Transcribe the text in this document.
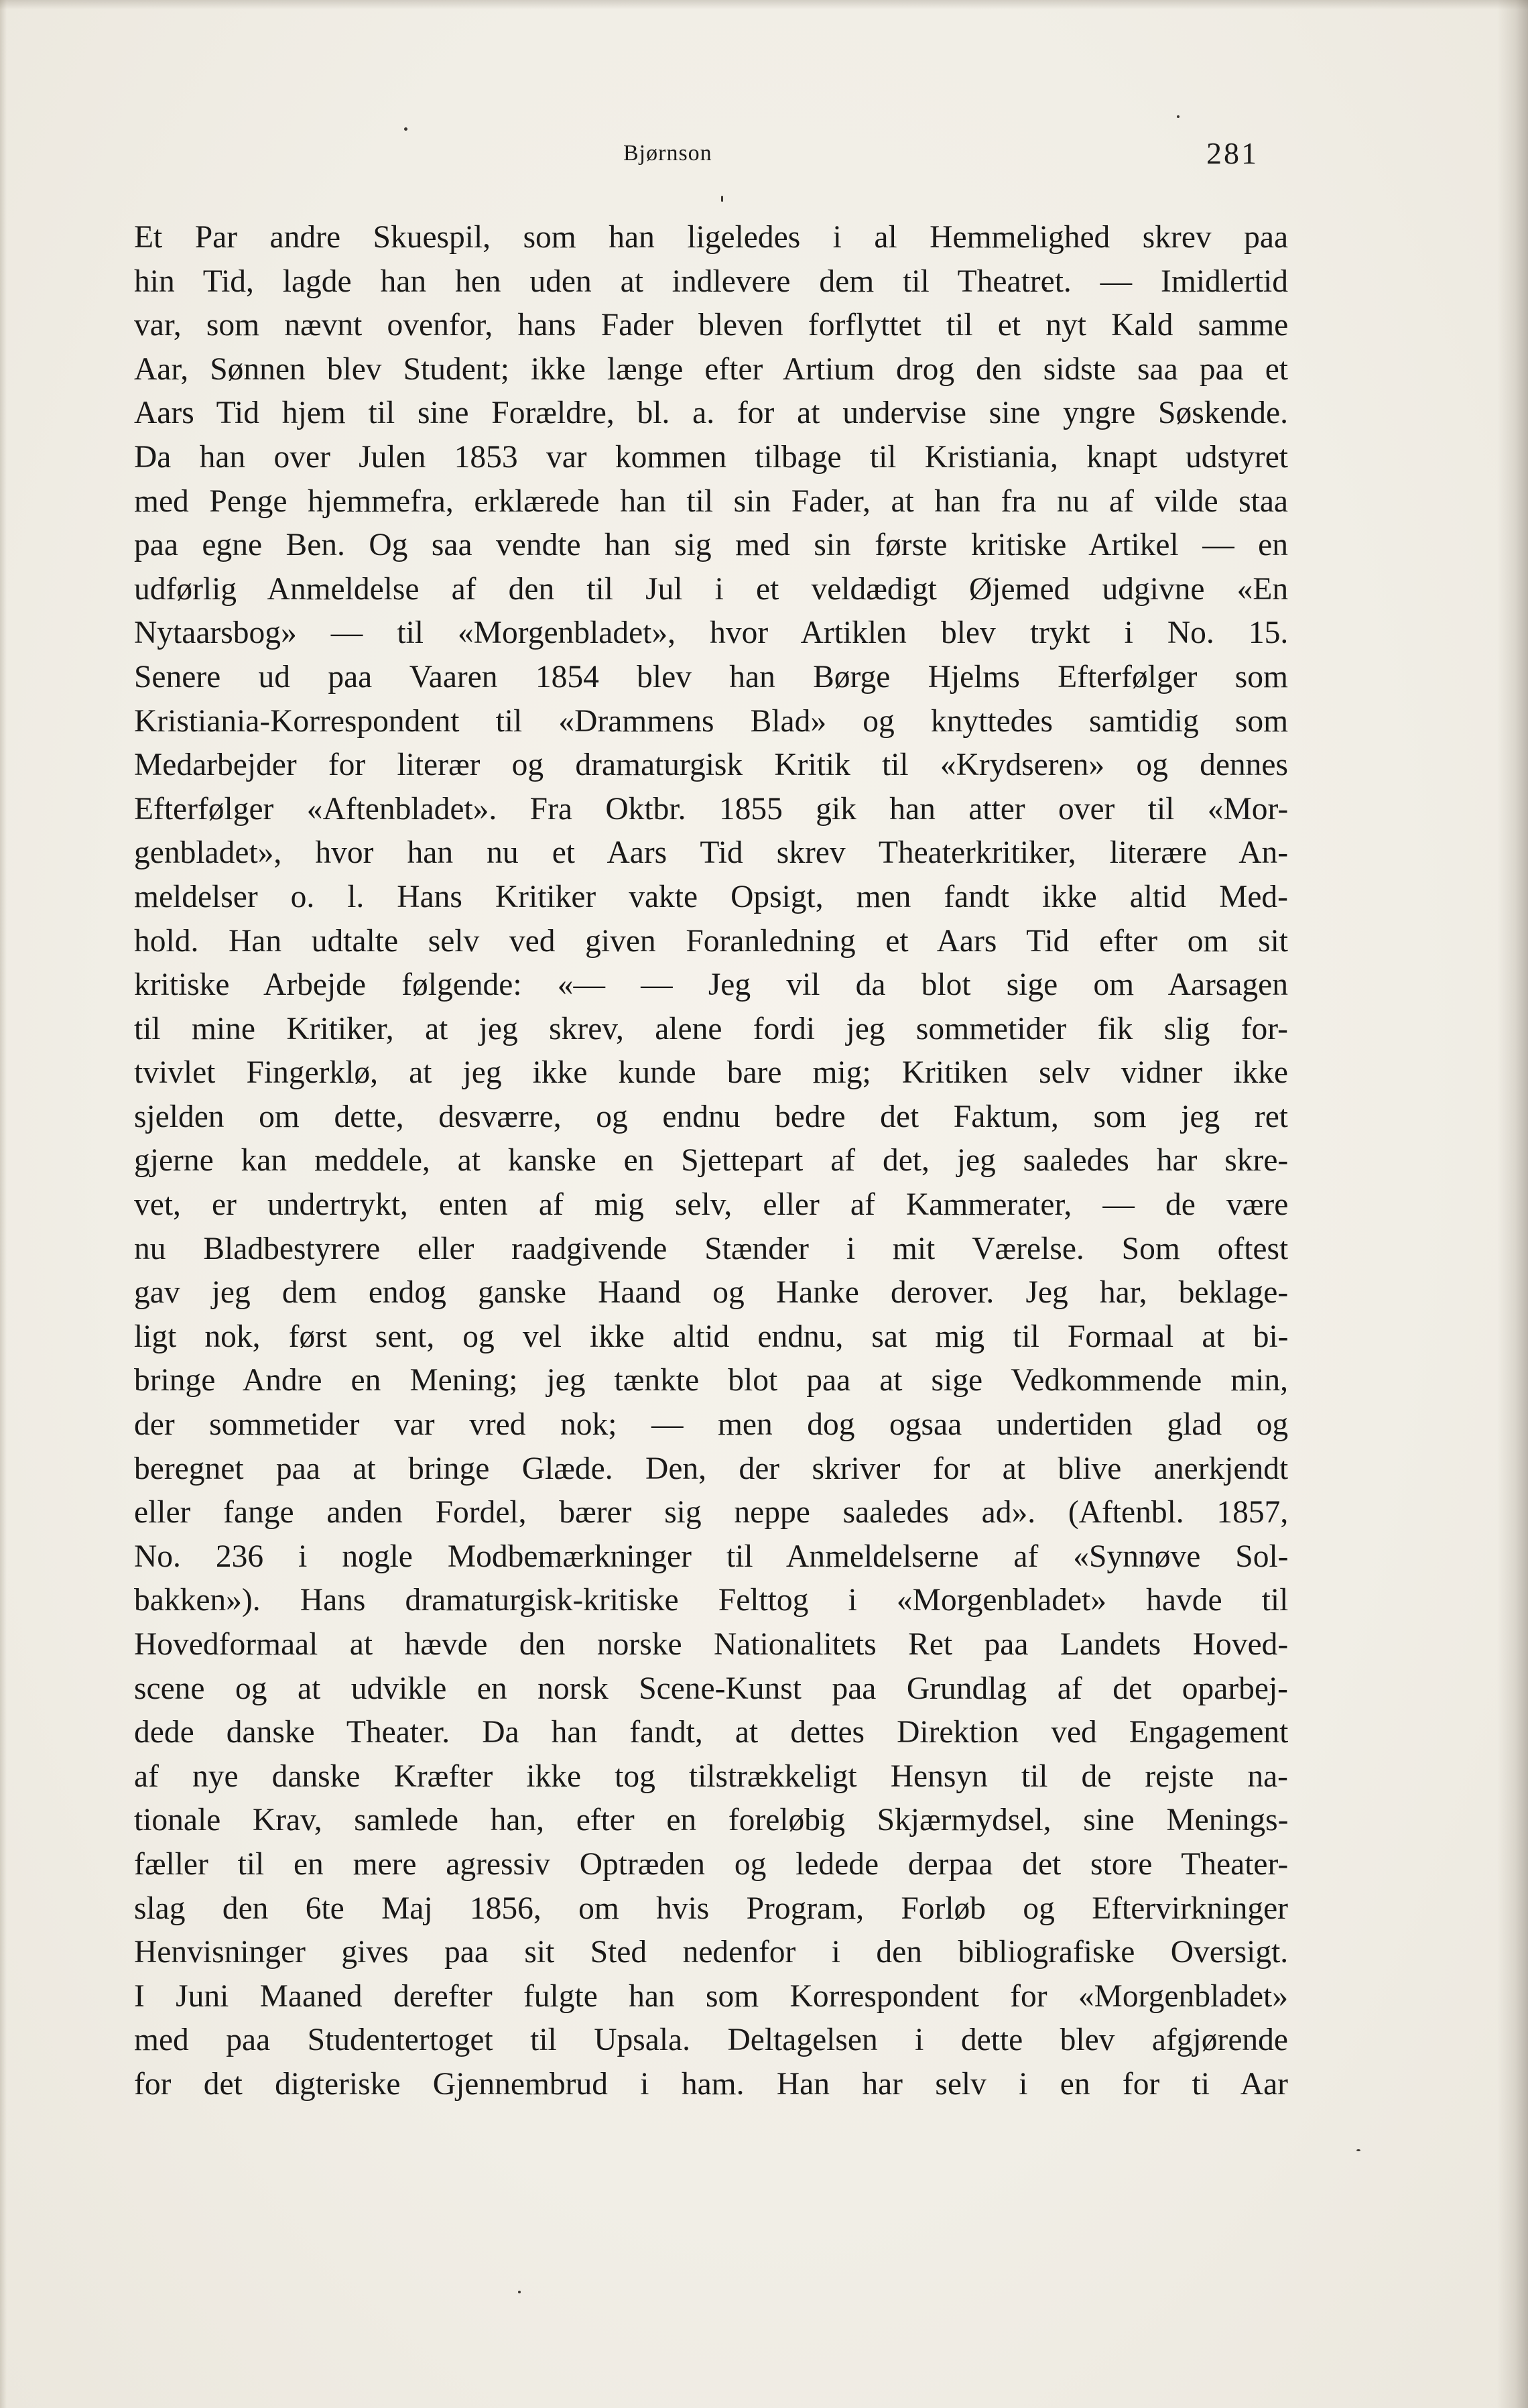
Bjørnson	281
Et Par andre Skuespil, som han ligeledes i al Hemmelighed skrev paa
hin Tid, lagde han hen uden at indlevere dem til Theatret. — Imidlertid
var, som nævnt ovenfor, hans Fader bleven forflyttet til et nyt Kald samme
Aar, Sønnen blev Student; ikke længe efter Artium drog den sidste saa paa et
Aars Tid hjem til sine Forældre, bl. a. for at undervise sine yngre Søskende.
Da han over Julen 1853 var kommen tilbage til Kristiania, knapt udstyret
med Penge hjemmefra, erklærede han til sin Fader, at han fra nu af vilde staa
paa egne Ben. Og saa vendte han sig med sin første kritiske Artikel — en
udførlig Anmeldelse af den til Jul i et veldædigt Øjemed udgivne «En
Nytaarsbog» — til «Morgenbladet», hvor Artiklen blev trykt i No. 15.
Senere ud paa Vaaren 1854 blev han Børge Hjelms Efterfølger som
Kristiania-Korrespondent til «Drammens Blad» og knyttedes samtidig som
Medarbejder for literær og dramaturgisk Kritik til «Krydseren» og dennes
Efterfølger «Aftenbladet». Fra Oktbr. 1855 gik han atter over til «Mor-
genbladet», hvor han nu et Aars Tid skrev Theaterkritiker, literære An-
meldelser o. l. Hans Kritiker vakte Opsigt, men fandt ikke altid Med-
hold. Han udtalte selv ved given Foranledning et Aars Tid efter om sit
kritiske Arbejde følgende: «— — Jeg vil da blot sige om Aarsagen
til mine Kritiker, at jeg skrev, alene fordi jeg sommetider fik slig for-
tvivlet Fingerklø, at jeg ikke kunde bare mig; Kritiken selv vidner ikke
sjelden om dette, desværre, og endnu bedre det Faktum, som jeg ret
gjerne kan meddele, at kanske en Sjettepart af det, jeg saaledes har skre-
vet, er undertrykt, enten af mig selv, eller af Kammerater, — de være
nu Bladbestyrere eller raadgivende Stænder i mit Værelse. Som oftest
gav jeg dem endog ganske Haand og Hanke derover. Jeg har, beklage-
ligt nok, først sent, og vel ikke altid endnu, sat mig til Formaal at bi-
bringe Andre en Mening; jeg tænkte blot paa at sige Vedkommende min,
der sommetider var vred nok; — men dog ogsaa undertiden glad og
beregnet paa at bringe Glæde. Den, der skriver for at blive anerkjendt
eller fange anden Fordel, bærer sig neppe saaledes ad». (Aftenbl. 1857,
No. 236 i nogle Modbemærkninger til Anmeldelserne af «Synnøve Sol-
bakken»). Hans dramaturgisk-kritiske Felttog i «Morgenbladet» havde til
Hovedformaal at hævde den norske Nationalitets Ret paa Landets Hoved-
scene og at udvikle en norsk Scene-Kunst paa Grundlag af det oparbej-
dede danske Theater. Da han fandt, at dettes Direktion ved Engagement
af nye danske Kræfter ikke tog tilstrækkeligt Hensyn til de rejste na-
tionale Krav, samlede han, efter en foreløbig Skjærmydsel, sine Menings-
fæller til en mere agressiv Optræden og ledede derpaa det store Theater-
slag den 6te Maj 1856, om hvis Program, Forløb og Eftervirkninger
Henvisninger gives paa sit Sted nedenfor i den bibliografiske Oversigt.
I Juni Maaned derefter fulgte han som Korrespondent for «Morgenbladet»
med paa Studentertoget til Upsala. Deltagelsen i dette blev afgjørende
for det digteriske Gjennembrud i ham. Han har selv i en for ti Aar
